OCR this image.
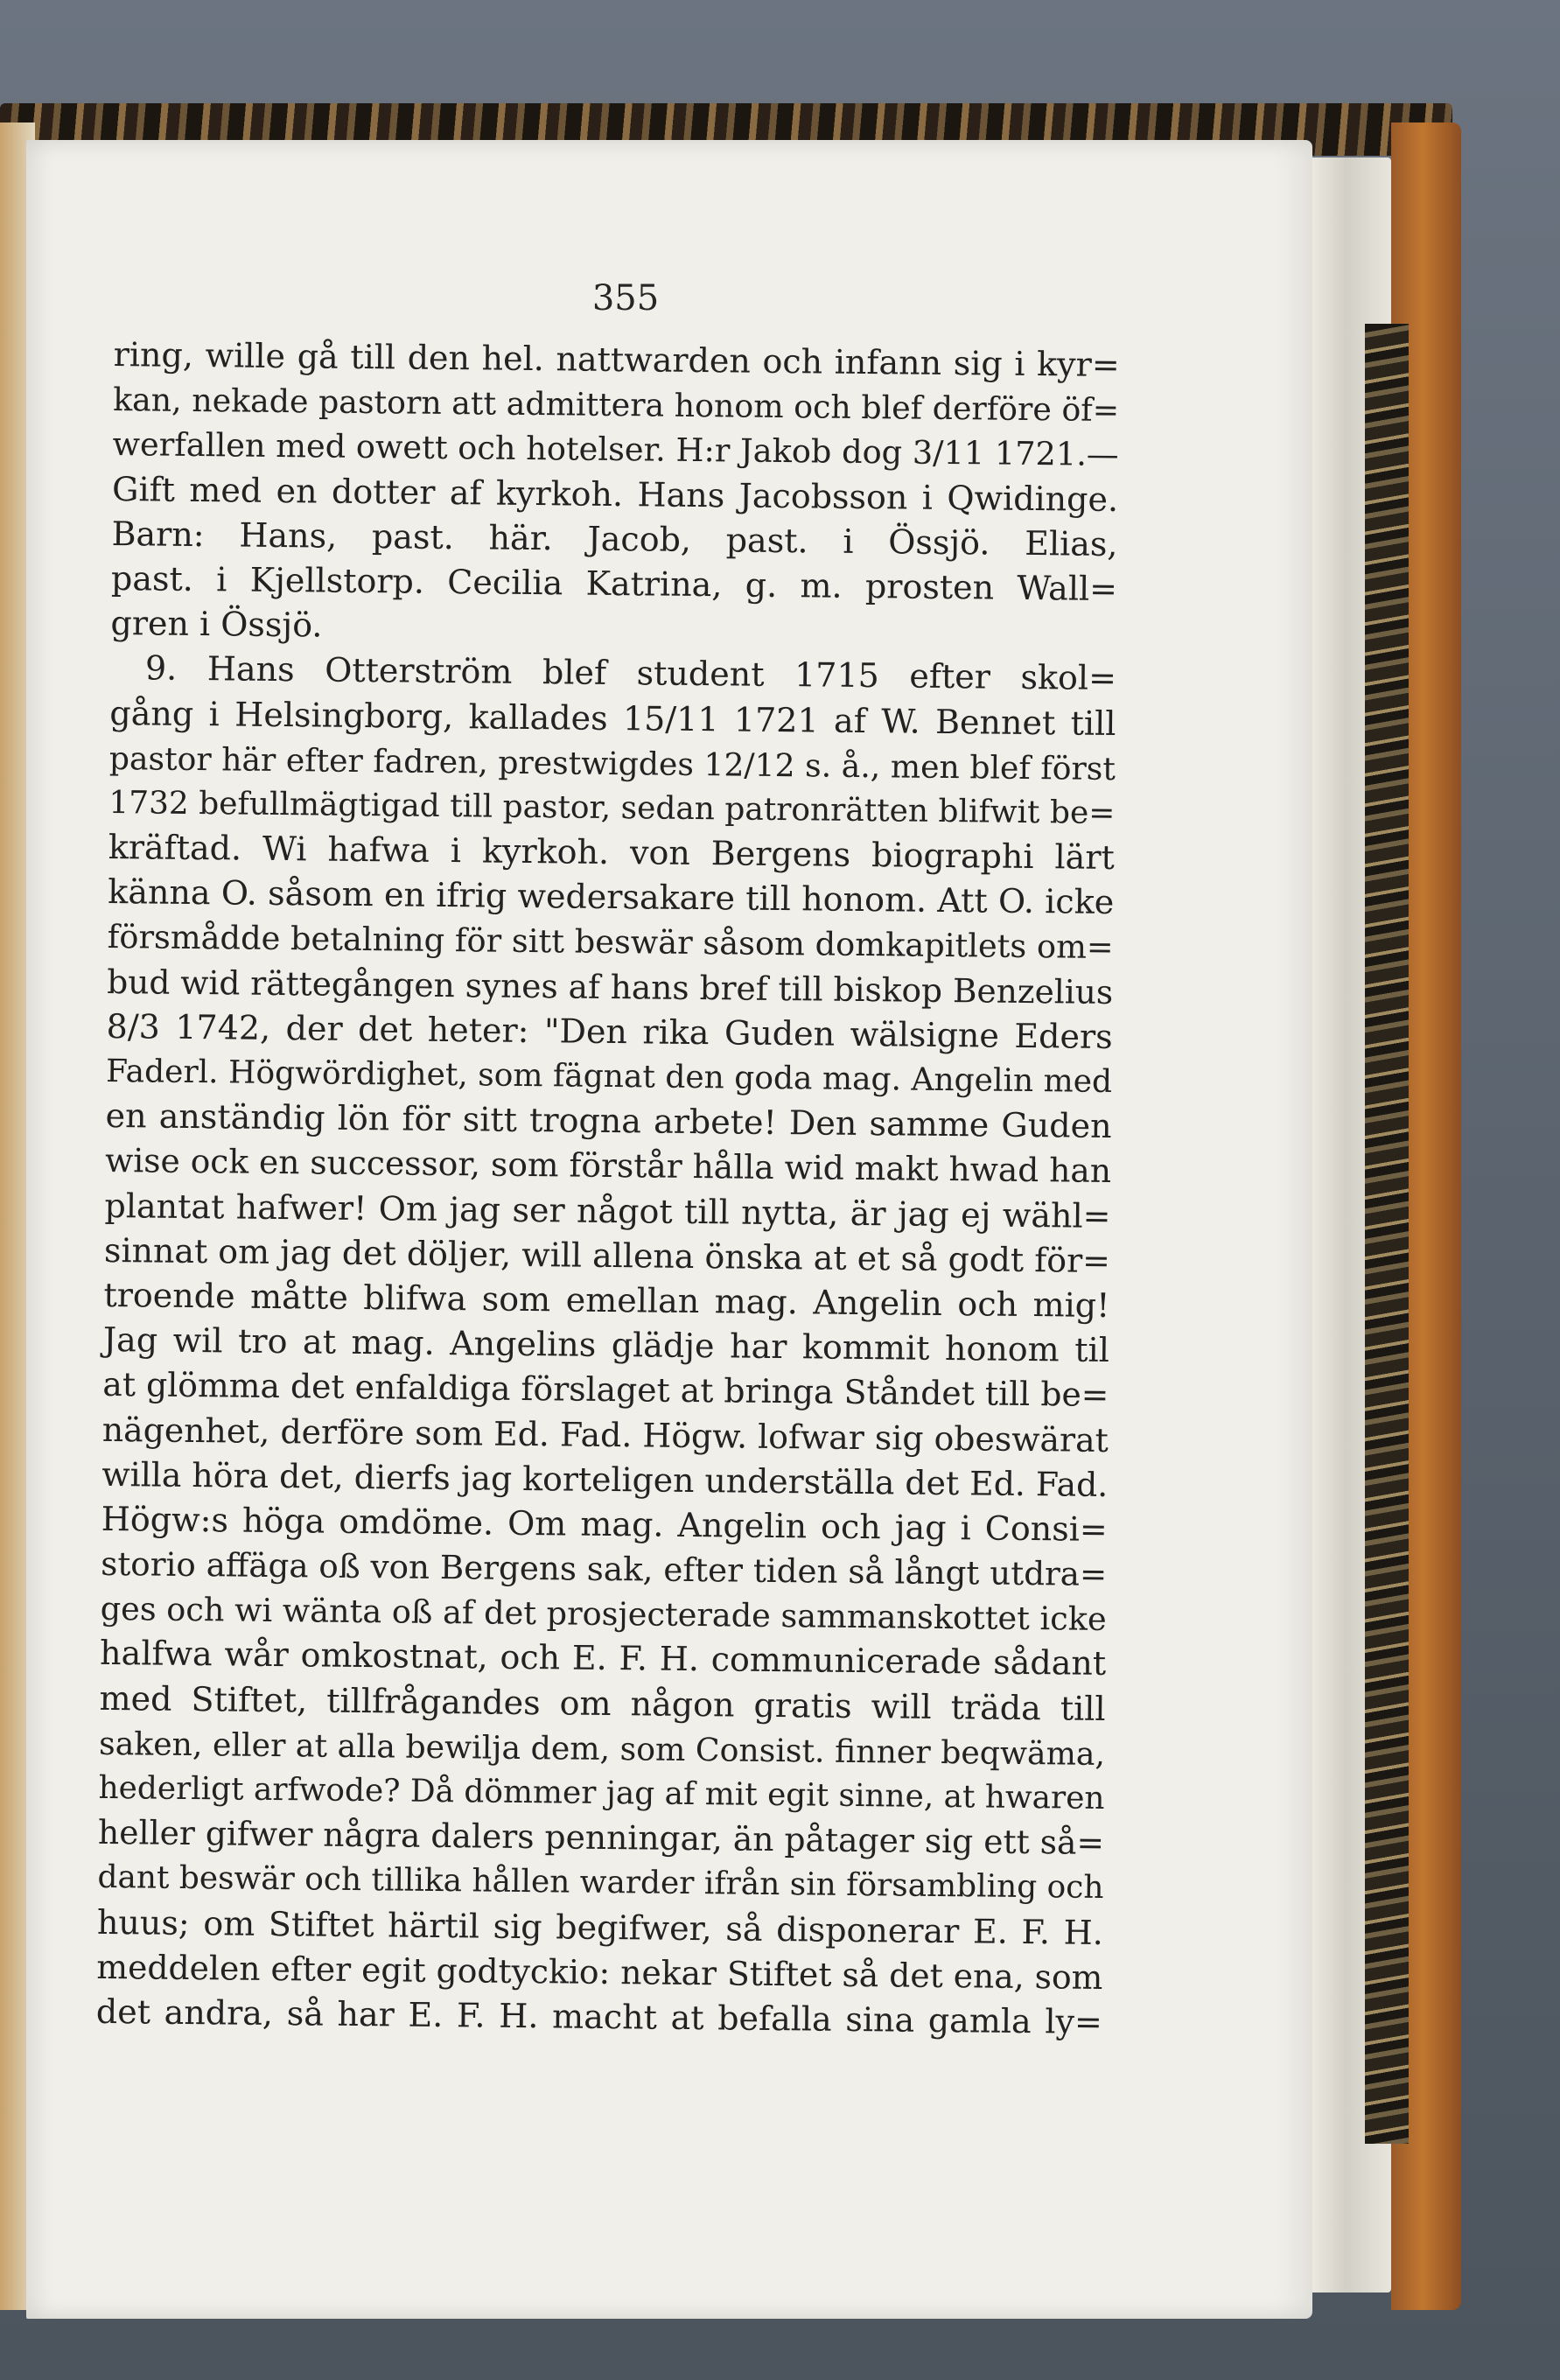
355
ring, wille gå till den hel. nattwarden och infann sig i kyr=
kan, nekade pastorn att admittera honom och blef derföre öf=
werfallen med owett och hotelser. H:r Jakob dog 3/11 1721.—
Gift med en dotter af kyrkoh. Hans Jacobsson i Qwidinge.
Barn: Hans, past. här. Jacob, past. i Össjö. Elias,
past. i Kjellstorp. Cecilia Katrina, g. m. prosten Wall=
gren i Össjö.
9. Hans Otterström blef student 1715 efter skol=
gång i Helsingborg, kallades 15/11 1721 af W. Bennet till
pastor här efter fadren, prestwigdes 12/12 s. å., men blef först
1732 befullmägtigad till pastor, sedan patronrätten blifwit be=
kräftad. Wi hafwa i kyrkoh. von Bergens biographi lärt
känna O. såsom en ifrig wedersakare till honom. Att O. icke
försmådde betalning för sitt beswär såsom domkapitlets om=
bud wid rättegången synes af hans bref till biskop Benzelius
8/3 1742, der det heter: "Den rika Guden wälsigne Eders
Faderl. Högwördighet, som fägnat den goda mag. Angelin med
en anständig lön för sitt trogna arbete! Den samme Guden
wise ock en successor, som förstår hålla wid makt hwad han
plantat hafwer! Om jag ser något till nytta, är jag ej wähl=
sinnat om jag det döljer, will allena önska at et så godt för=
troende måtte blifwa som emellan mag. Angelin och mig!
Jag wil tro at mag. Angelins glädje har kommit honom til
at glömma det enfaldiga förslaget at bringa Ståndet till be=
nägenhet, derföre som Ed. Fad. Högw. lofwar sig obeswärat
willa höra det, dierfs jag korteligen underställa det Ed. Fad.
Högw:s höga omdöme. Om mag. Angelin och jag i Consi=
storio affäga oß von Bergens sak, efter tiden så långt utdra=
ges och wi wänta oß af det prosjecterade sammanskottet icke
halfwa wår omkostnat, och E. F. H. communicerade sådant
med Stiftet, tillfrågandes om någon gratis will träda till
saken, eller at alla bewilja dem, som Consist. finner beqwäma,
hederligt arfwode? Då dömmer jag af mit egit sinne, at hwaren
heller gifwer några dalers penningar, än påtager sig ett så=
dant beswär och tillika hållen warder ifrån sin försambling och
huus; om Stiftet härtil sig begifwer, så disponerar E. F. H.
meddelen efter egit godtyckio: nekar Stiftet så det ena, som
det andra, så har E. F. H. macht at befalla sina gamla ly=
